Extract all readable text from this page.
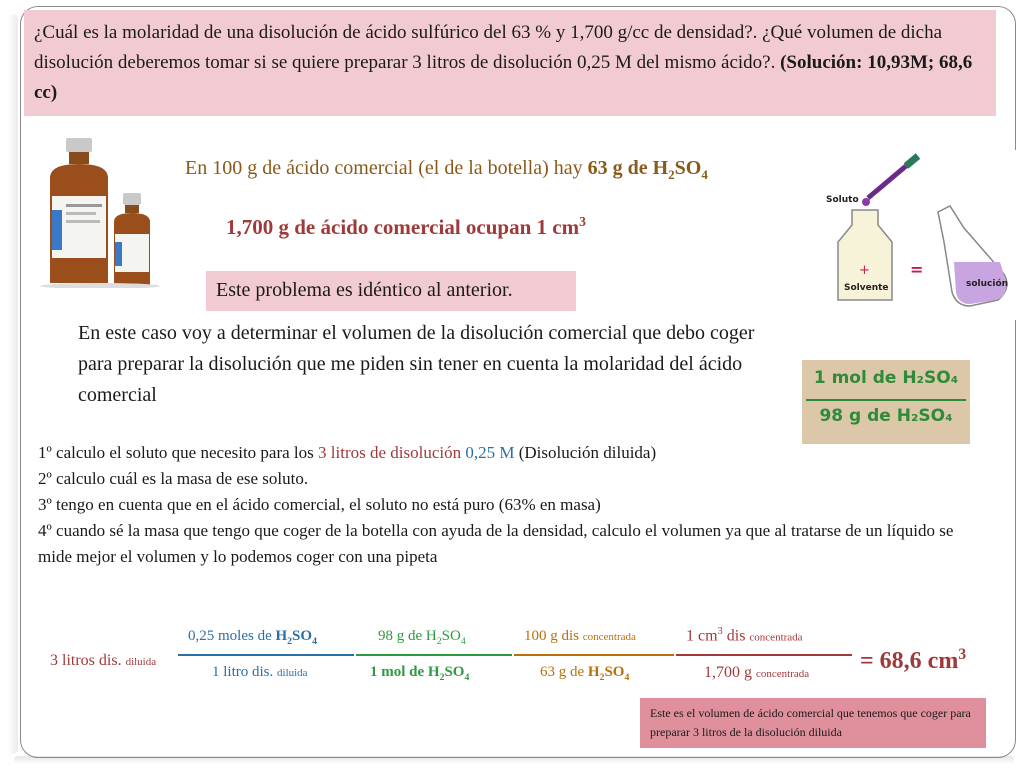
¿Cuál es la molaridad de una disolución de ácido sulfúrico del 63 % y 1,700 g/cc de densidad?. ¿Qué volumen de dicha disolución deberemos tomar si se quiere preparar 3 litros de disolución 0,25 M del mismo ácido?. (Solución: 10,93M; 68,6 cc)
En 100 g de ácido comercial (el de la botella) hay 63 g de $H_2SO_4$
1,700 g de ácido comercial ocupan 1 $cm^3$
Este problema es idéntico al anterior.
En este caso voy a determinar el volumen de la disolución comercial que debo coger para preparar la disolución que me piden sin tener en cuenta la molaridad del ácido comercial
1 mol de H₂SO₄
98 g de H₂SO₄
Soluto
+
Solvente
=
solución

1º calculo el soluto que necesito para los 3 litros de disolución 0,25 M (Disolución diluida)

2º calculo cuál es la masa de ese soluto.

3º tengo en cuenta que en el ácido comercial, el soluto no está puro (63% en masa)

4º cuando sé la masa que tengo que coger de la botella con ayuda de la densidad, calculo el volumen ya que al tratarse de un líquido se mide mejor el volumen y lo podemos coger con una pipeta

3 litros dis. diluida
0,25 moles de $H_2SO_4$
1 litro dis. diluida
98 g de $H_2SO_4$
1 mol de $H_2SO_4$
100 g dis concentrada
63 g de $H_2SO_4$
1 $cm^3$ dis concentrada
1,700 g concentrada = 68,6 $cm^3$
Este es el volumen de ácido comercial que tenemos que coger para preparar 3 litros de la disolución diluida
